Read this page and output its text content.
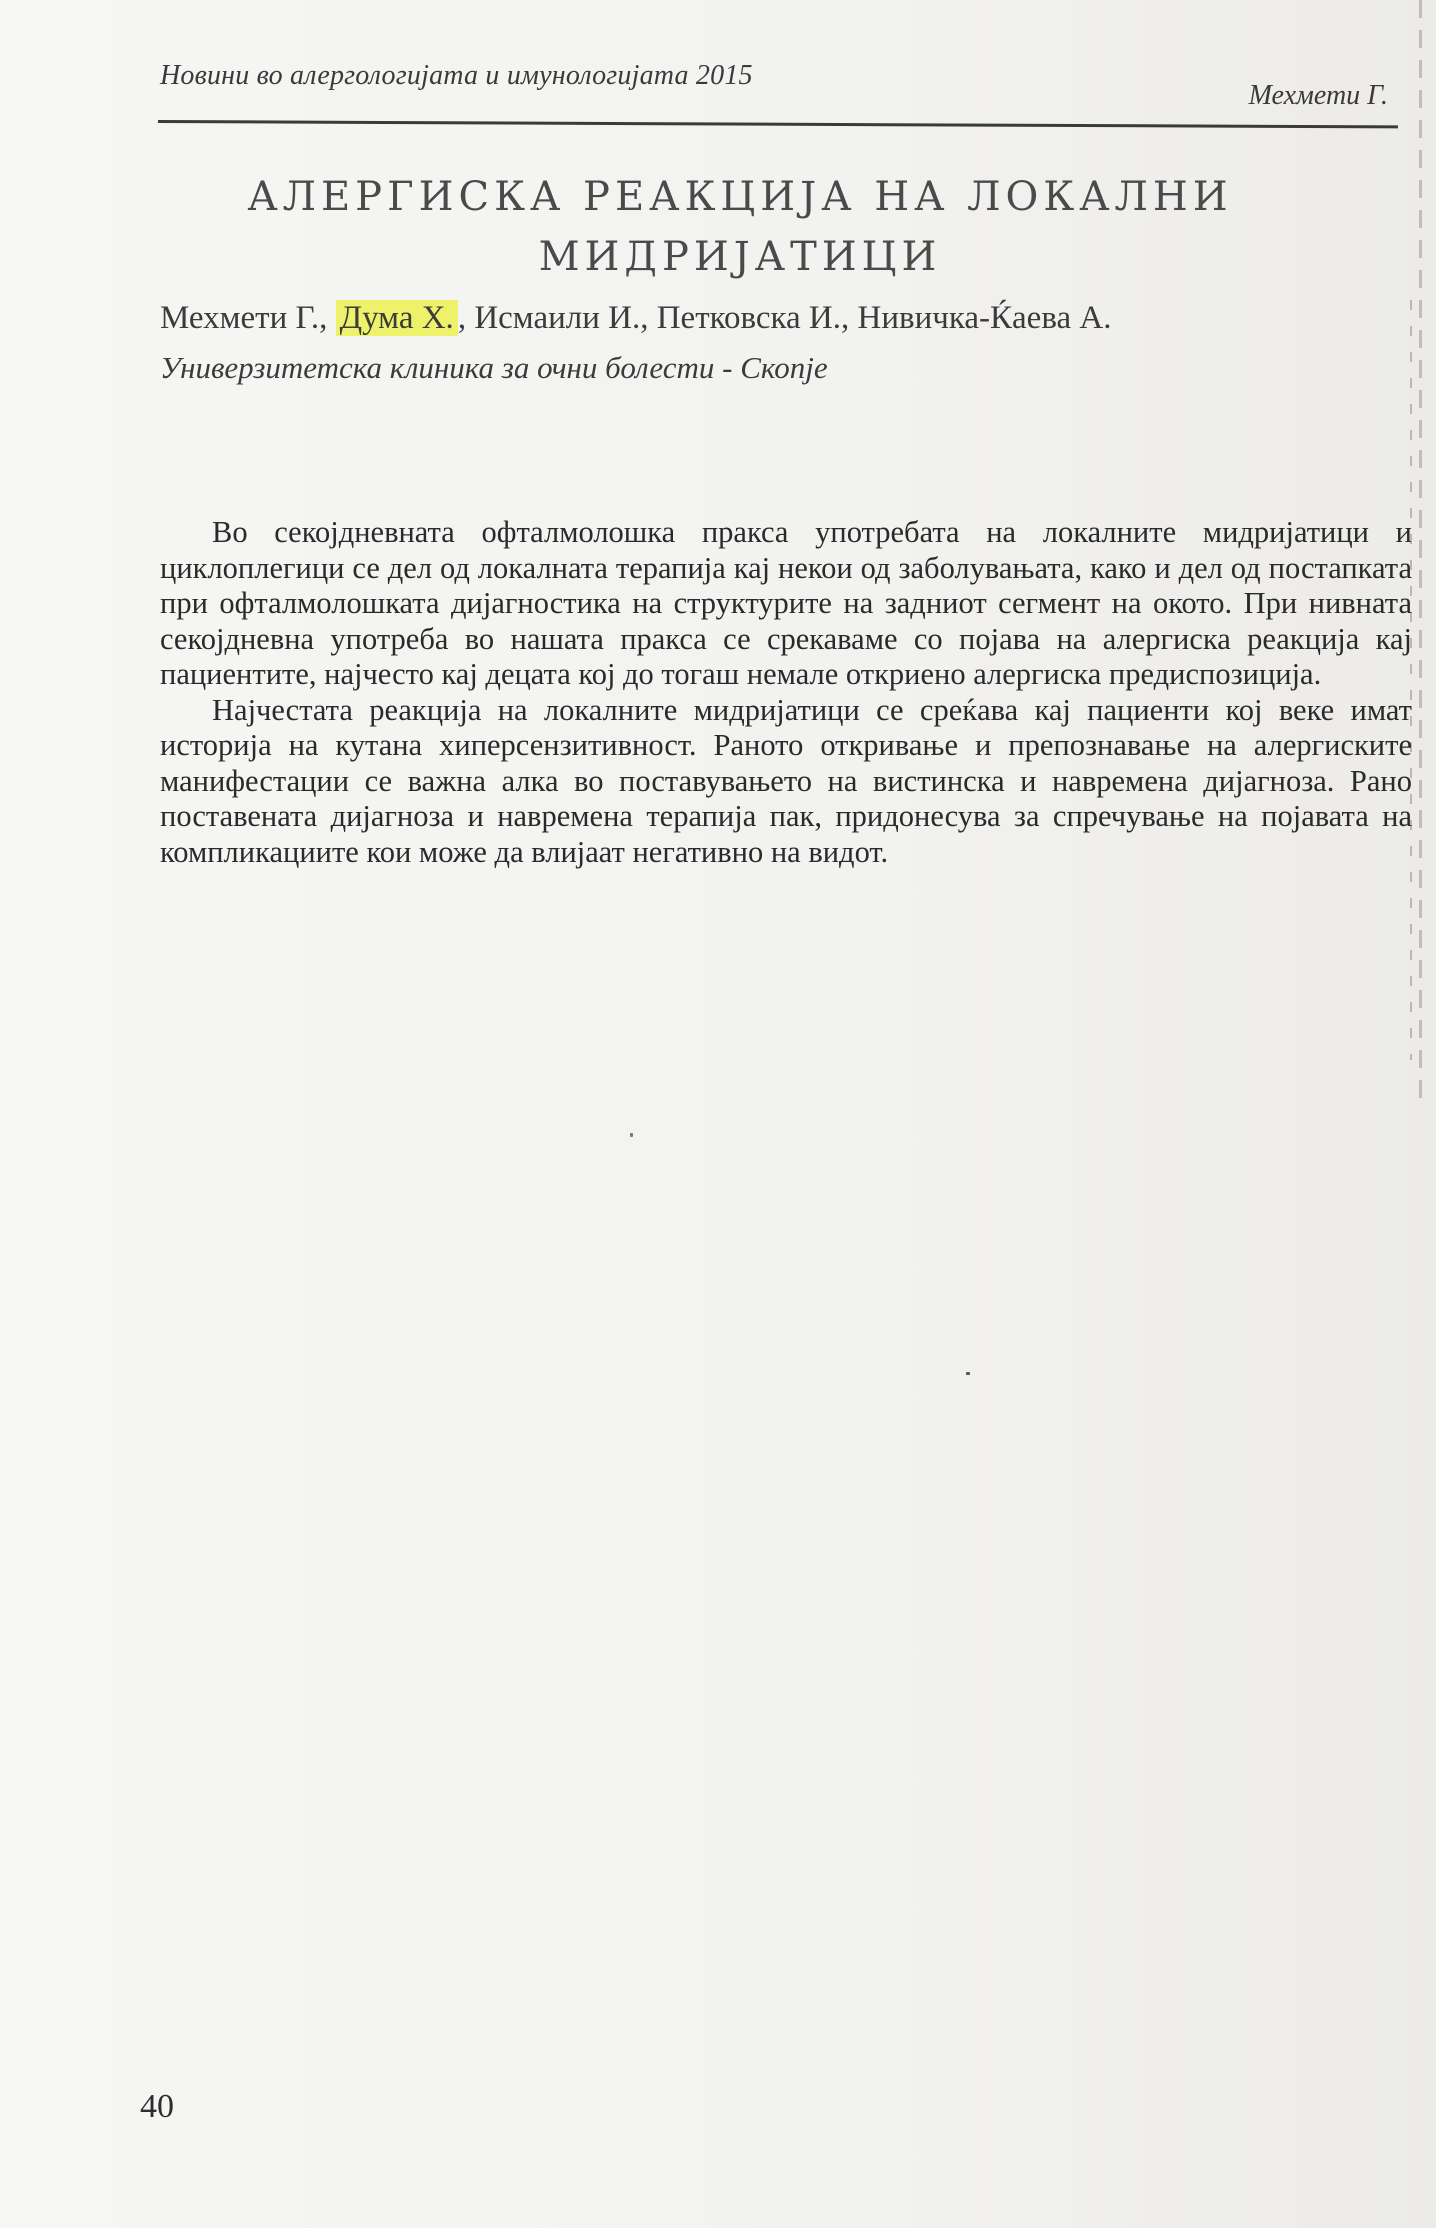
Новини во алергологијата и имунологијата 2015
Мехмети Г.
АЛЕРГИСКА РЕАКЦИЈА НА ЛОКАЛНИ МИДРИЈАТИЦИ
Мехмети Г., Дума Х. , Исмаили И., Петковска И., Нивичка-Ќаева А.
Универзитетска клиника за очни болести - Скопје

Во секојдневната офталмолошка пракса употребата на локалните мидријатици и циклоплегици се дел од локалната терапија кај некои од заболувањата, како и дел од постапката при офталмолошката дијагностика на структурите на задниот сегмент на окото. При нивната секојдневна употреба во нашата пракса се срекаваме со појава на алергиска реакција кај пациентите, најчесто кај децата кој до тогаш немале откриено алергиска предиспозиција.

Најчестата реакција на локалните мидријатици се среќава кај пациенти кој веке имат историја на кутана хиперсензитивност. Раното откривање и препознавање на алергиските манифестации се важна алка во поставувањето на вистинска и навремена дијагноза. Рано поставената дијагноза и навремена терапија пак, придонесува за спречување на појавата на компликациите кои може да влијаат негативно на видот.

40
